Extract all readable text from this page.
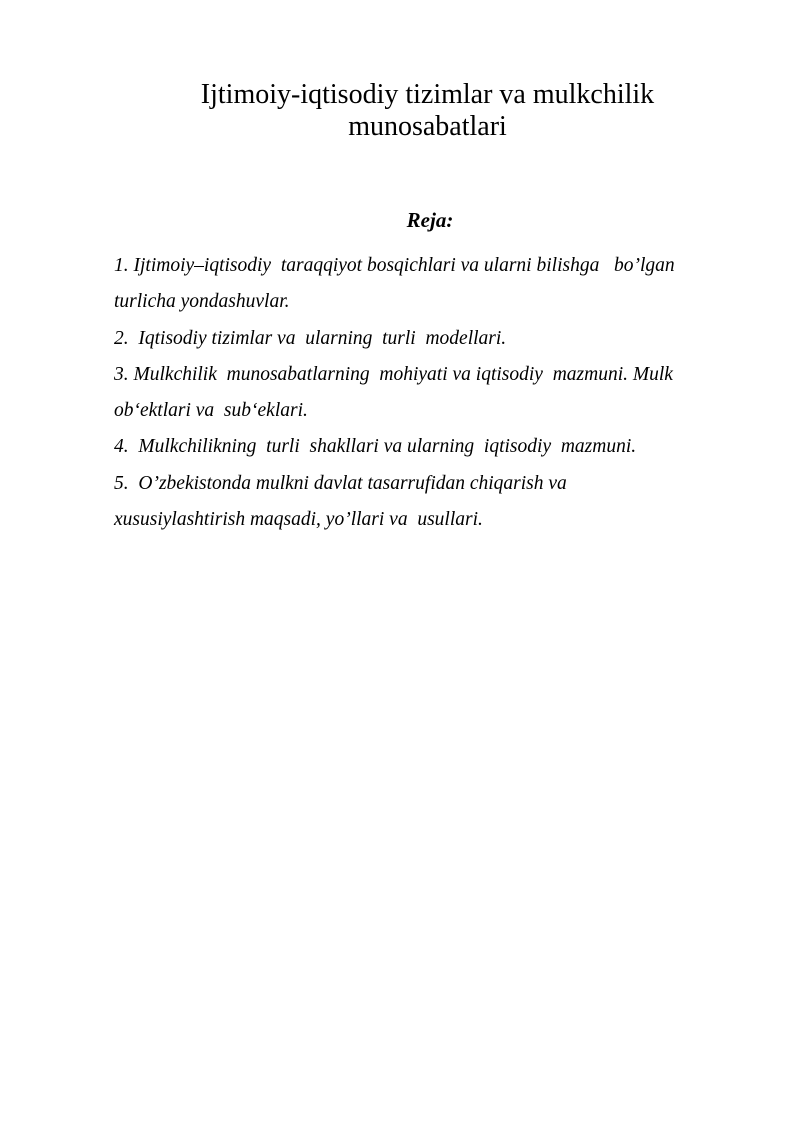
Ijtimoiy-iqtisodiy tizimlar va mulkchilik munosabatlari
Reja:
1. Ijtimoiy–iqtisodiy  taraqqiyot bosqichlari va ularni bilishga   bo’lgan
turlicha yondashuvlar.
2.  Iqtisodiy tizimlar va  ularning  turli  modellari.
3. Mulkchilik  munosabatlarning  mohiyati va iqtisodiy  mazmuni. Mulk
ob‘ektlari va  sub‘eklari.
4.  Mulkchilikning  turli  shakllari va ularning  iqtisodiy  mazmuni.
5.  O’zbekistonda mulkni davlat tasarrufidan chiqarish va
xususiylashtirish maqsadi, yo’llari va  usullari.
